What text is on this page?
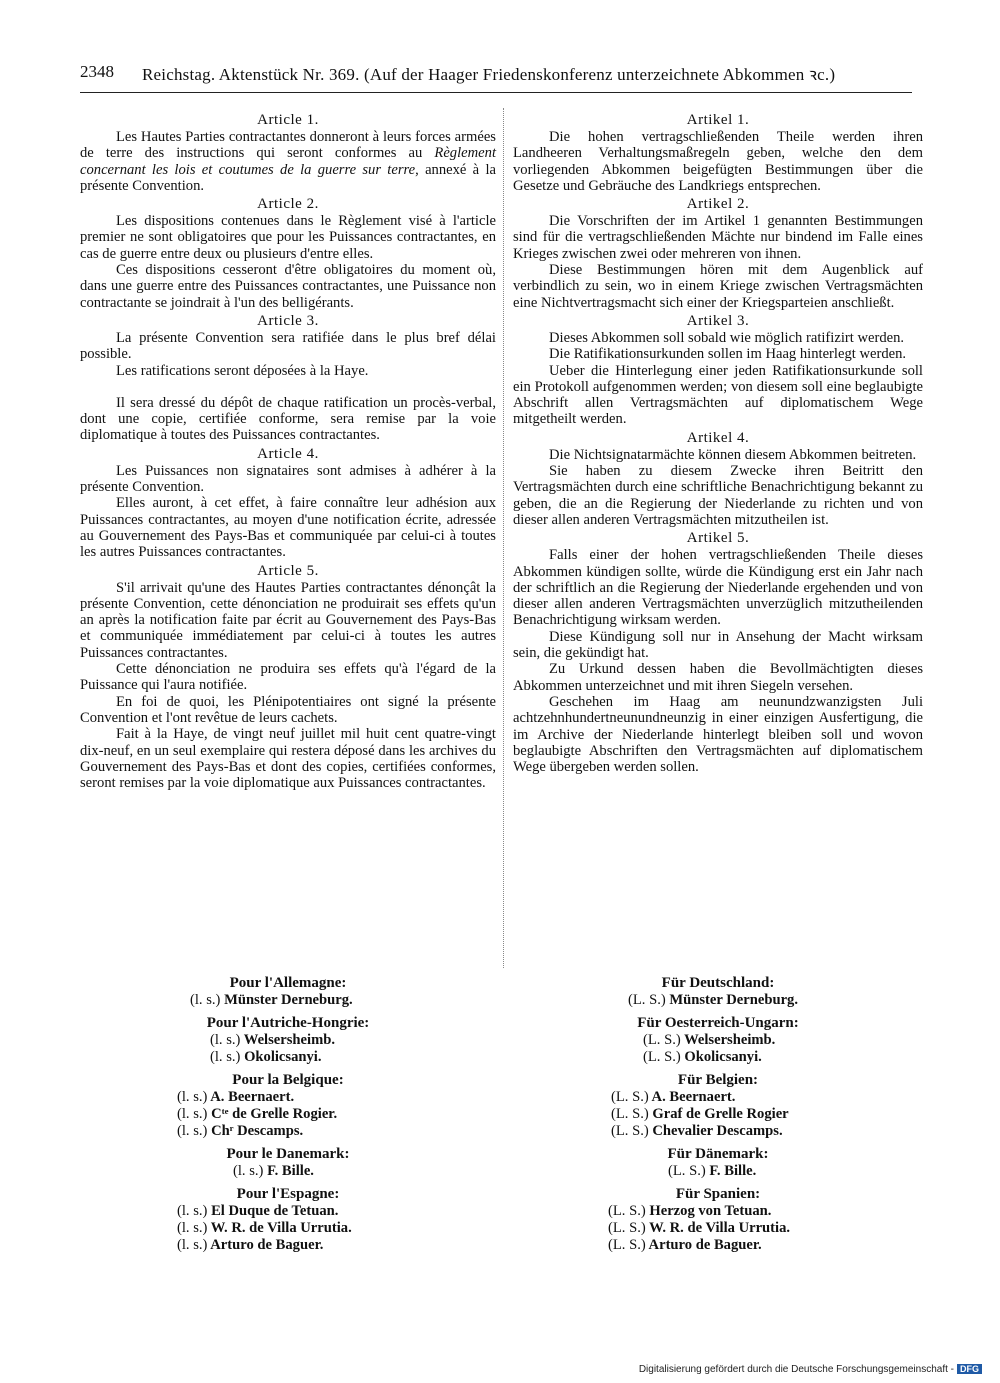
2348 Reichstag. Aktenstück Nr. 369. (Auf der Haager Friedenskonferenz unterzeichnete Abkommen ꝛc.)
Article 1.

Les Hautes Parties contractantes donneront à leurs forces armées de terre des instructions qui seront conformes au Règlement concernant les lois et coutumes de la guerre sur terre, annexé à la présente Convention.

Article 2.

Les dispositions contenues dans le Règlement visé à l'article premier ne sont obligatoires que pour les Puissances contractantes, en cas de guerre entre deux ou plusieurs d'entre elles.

Ces dispositions cesseront d'être obligatoires du moment où, dans une guerre entre des Puissances contractantes, une Puissance non contractante se joindrait à l'un des belligérants.

Article 3.

La présente Convention sera ratifiée dans le plus bref délai possible.

Les ratifications seront déposées à la Haye.

Il sera dressé du dépôt de chaque ratification un procès-verbal, dont une copie, certifiée conforme, sera remise par la voie diplomatique à toutes des Puissances contractantes.

Article 4.

Les Puissances non signataires sont admises à adhérer à la présente Convention.

Elles auront, à cet effet, à faire connaître leur adhésion aux Puissances contractantes, au moyen d'une notification écrite, adressée au Gouvernement des Pays-Bas et communiquée par celui-ci à toutes les autres Puissances contractantes.

Article 5.

S'il arrivait qu'une des Hautes Parties contractantes dénonçât la présente Convention, cette dénonciation ne produirait ses effets qu'un an après la notification faite par écrit au Gouvernement des Pays-Bas et communiquée immédiatement par celui-ci à toutes les autres Puissances contractantes.

Cette dénonciation ne produira ses effets qu'à l'égard de la Puissance qui l'aura notifiée.

En foi de quoi, les Plénipotentiaires ont signé la présente Convention et l'ont revêtue de leurs cachets.

Fait à la Haye, de vingt neuf juillet mil huit cent quatre-vingt dix-neuf, en un seul exemplaire qui restera déposé dans les archives du Gouvernement des Pays-Bas et dont des copies, certifiées conformes, seront remises par la voie diplomatique aux Puissances contractantes.

Artikel 1.

Die hohen vertragschließenden Theile werden ihren Landheeren Verhaltungsmaßregeln geben, welche den dem vorliegenden Abkommen beigefügten Bestimmungen über die Gesetze und Gebräuche des Landkriegs entsprechen.

Artikel 2.

Die Vorschriften der im Artikel 1 genannten Bestimmungen sind für die vertragschließenden Mächte nur bindend im Falle eines Krieges zwischen zwei oder mehreren von ihnen.

Diese Bestimmungen hören mit dem Augenblick auf verbindlich zu sein, wo in einem Kriege zwischen Vertragsmächten eine Nichtvertragsmacht sich einer der Kriegsparteien anschließt.

Artikel 3.

Dieses Abkommen soll sobald wie möglich ratifizirt werden.

Die Ratifikationsurkunden sollen im Haag hinterlegt werden.

Ueber die Hinterlegung einer jeden Ratifikationsurkunde soll ein Protokoll aufgenommen werden; von diesem soll eine beglaubigte Abschrift allen Vertragsmächten auf diplomatischem Wege mitgetheilt werden.

Artikel 4.

Die Nichtsignatarmächte können diesem Abkommen beitreten.

Sie haben zu diesem Zwecke ihren Beitritt den Vertragsmächten durch eine schriftliche Benachrichtigung bekannt zu geben, die an die Regierung der Niederlande zu richten und von dieser allen anderen Vertragsmächten mitzutheilen ist.

Artikel 5.

Falls einer der hohen vertragschließenden Theile dieses Abkommen kündigen sollte, würde die Kündigung erst ein Jahr nach der schriftlich an die Regierung der Niederlande ergehenden und von dieser allen anderen Vertragsmächten unverzüglich mitzutheilenden Benachrichtigung wirksam werden.

Diese Kündigung soll nur in Ansehung der Macht wirksam sein, die gekündigt hat.

Zu Urkund dessen haben die Bevollmächtigten dieses Abkommen unterzeichnet und mit ihren Siegeln versehen.

Geschehen im Haag am neunundzwanzigsten Juli achtzehnhundertneunundneunzig in einer einzigen Ausfertigung, die im Archive der Niederlande hinterlegt bleiben soll und wovon beglaubigte Abschriften den Vertragsmächten auf diplomatischem Wege übergeben werden sollen.

Pour l'Allemagne:
(l. s.) Münster Derneburg.
Pour l'Autriche-Hongrie:
(l. s.) Welsersheimb.
(l. s.) Okolicsanyi.
Pour la Belgique:
(l. s.) A. Beernaert.
(l. s.) Cᵗᵉ de Grelle Rogier.
(l. s.) Chʳ Descamps.
Pour le Danemark:
(l. s.) F. Bille.
Pour l'Espagne:
(l. s.) El Duque de Tetuan.
(l. s.) W. R. de Villa Urrutia.
(l. s.) Arturo de Baguer.
Für Deutschland:
(L. S.) Münster Derneburg.
Für Oesterreich-Ungarn:
(L. S.) Welsersheimb.
(L. S.) Okolicsanyi.
Für Belgien:
(L. S.) A. Beernaert.
(L. S.) Graf de Grelle Rogier
(L. S.) Chevalier Descamps.
Für Dänemark:
(L. S.) F. Bille.
Für Spanien:
(L. S.) Herzog von Tetuan.
(L. S.) W. R. de Villa Urrutia.
(L. S.) Arturo de Baguer.
Digitalisierung gefördert durch die Deutsche Forschungsgemeinschaft - DFG
